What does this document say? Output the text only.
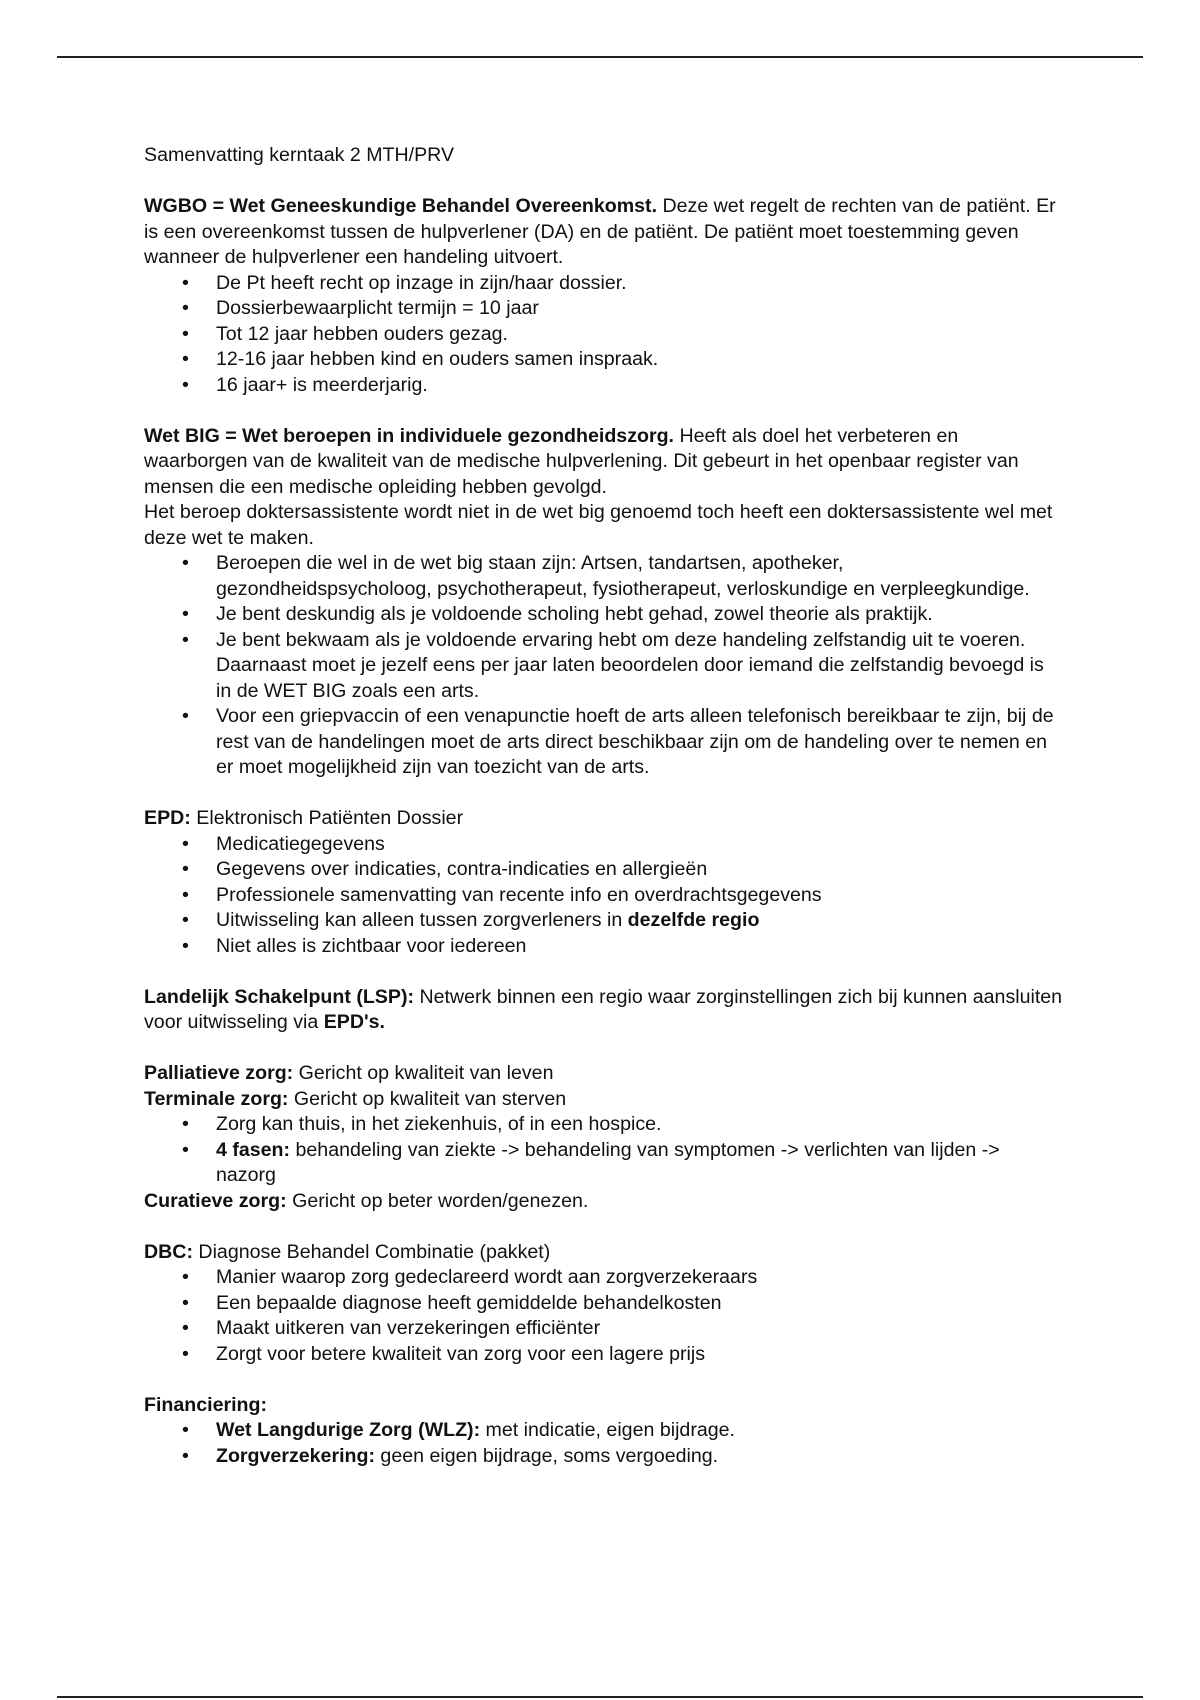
Samenvatting kerntaak 2 MTH/PRV

WGBO = Wet Geneeskundige Behandel Overeenkomst. Deze wet regelt de rechten van de patiënt. Er is een overeenkomst tussen de hulpverlener (DA) en de patiënt. De patiënt moet toestemming geven wanneer de hulpverlener een handeling uitvoert.

• De Pt heeft recht op inzage in zijn/haar dossier.
• Dossierbewaarplicht termijn = 10 jaar
• Tot 12 jaar hebben ouders gezag.
• 12-16 jaar hebben kind en ouders samen inspraak.
• 16 jaar+ is meerderjarig.

Wet BIG = Wet beroepen in individuele gezondheidszorg. Heeft als doel het verbeteren en waarborgen van de kwaliteit van de medische hulpverlening. Dit gebeurt in het openbaar register van mensen die een medische opleiding hebben gevolgd.

Het beroep doktersassistente wordt niet in de wet big genoemd toch heeft een doktersassistente wel met deze wet te maken.

• Beroepen die wel in de wet big staan zijn: Artsen, tandartsen, apotheker, gezondheidspsycholoog, psychotherapeut, fysiotherapeut, verloskundige en verpleegkundige.
• Je bent deskundig als je voldoende scholing hebt gehad, zowel theorie als praktijk.
• Je bent bekwaam als je voldoende ervaring hebt om deze handeling zelfstandig uit te voeren. Daarnaast moet je jezelf eens per jaar laten beoordelen door iemand die zelfstandig bevoegd is in de WET BIG zoals een arts.
• Voor een griepvaccin of een venapunctie hoeft de arts alleen telefonisch bereikbaar te zijn, bij de rest van de handelingen moet de arts direct beschikbaar zijn om de handeling over te nemen en er moet mogelijkheid zijn van toezicht van de arts.

EPD: Elektronisch Patiënten Dossier

• Medicatiegegevens
• Gegevens over indicaties, contra-indicaties en allergieën
• Professionele samenvatting van recente info en overdrachtsgegevens
• Uitwisseling kan alleen tussen zorgverleners in dezelfde regio
• Niet alles is zichtbaar voor iedereen

Landelijk Schakelpunt (LSP): Netwerk binnen een regio waar zorginstellingen zich bij kunnen aansluiten voor uitwisseling via EPD's.

Palliatieve zorg: Gericht op kwaliteit van leven

Terminale zorg: Gericht op kwaliteit van sterven

• Zorg kan thuis, in het ziekenhuis, of in een hospice.
• 4 fasen: behandeling van ziekte -> behandeling van symptomen -> verlichten van lijden -> nazorg

Curatieve zorg: Gericht op beter worden/genezen.

DBC: Diagnose Behandel Combinatie (pakket)

• Manier waarop zorg gedeclareerd wordt aan zorgverzekeraars
• Een bepaalde diagnose heeft gemiddelde behandelkosten
• Maakt uitkeren van verzekeringen efficiënter
• Zorgt voor betere kwaliteit van zorg voor een lagere prijs

Financiering:

• Wet Langdurige Zorg (WLZ): met indicatie, eigen bijdrage.
• Zorgverzekering: geen eigen bijdrage, soms vergoeding.
